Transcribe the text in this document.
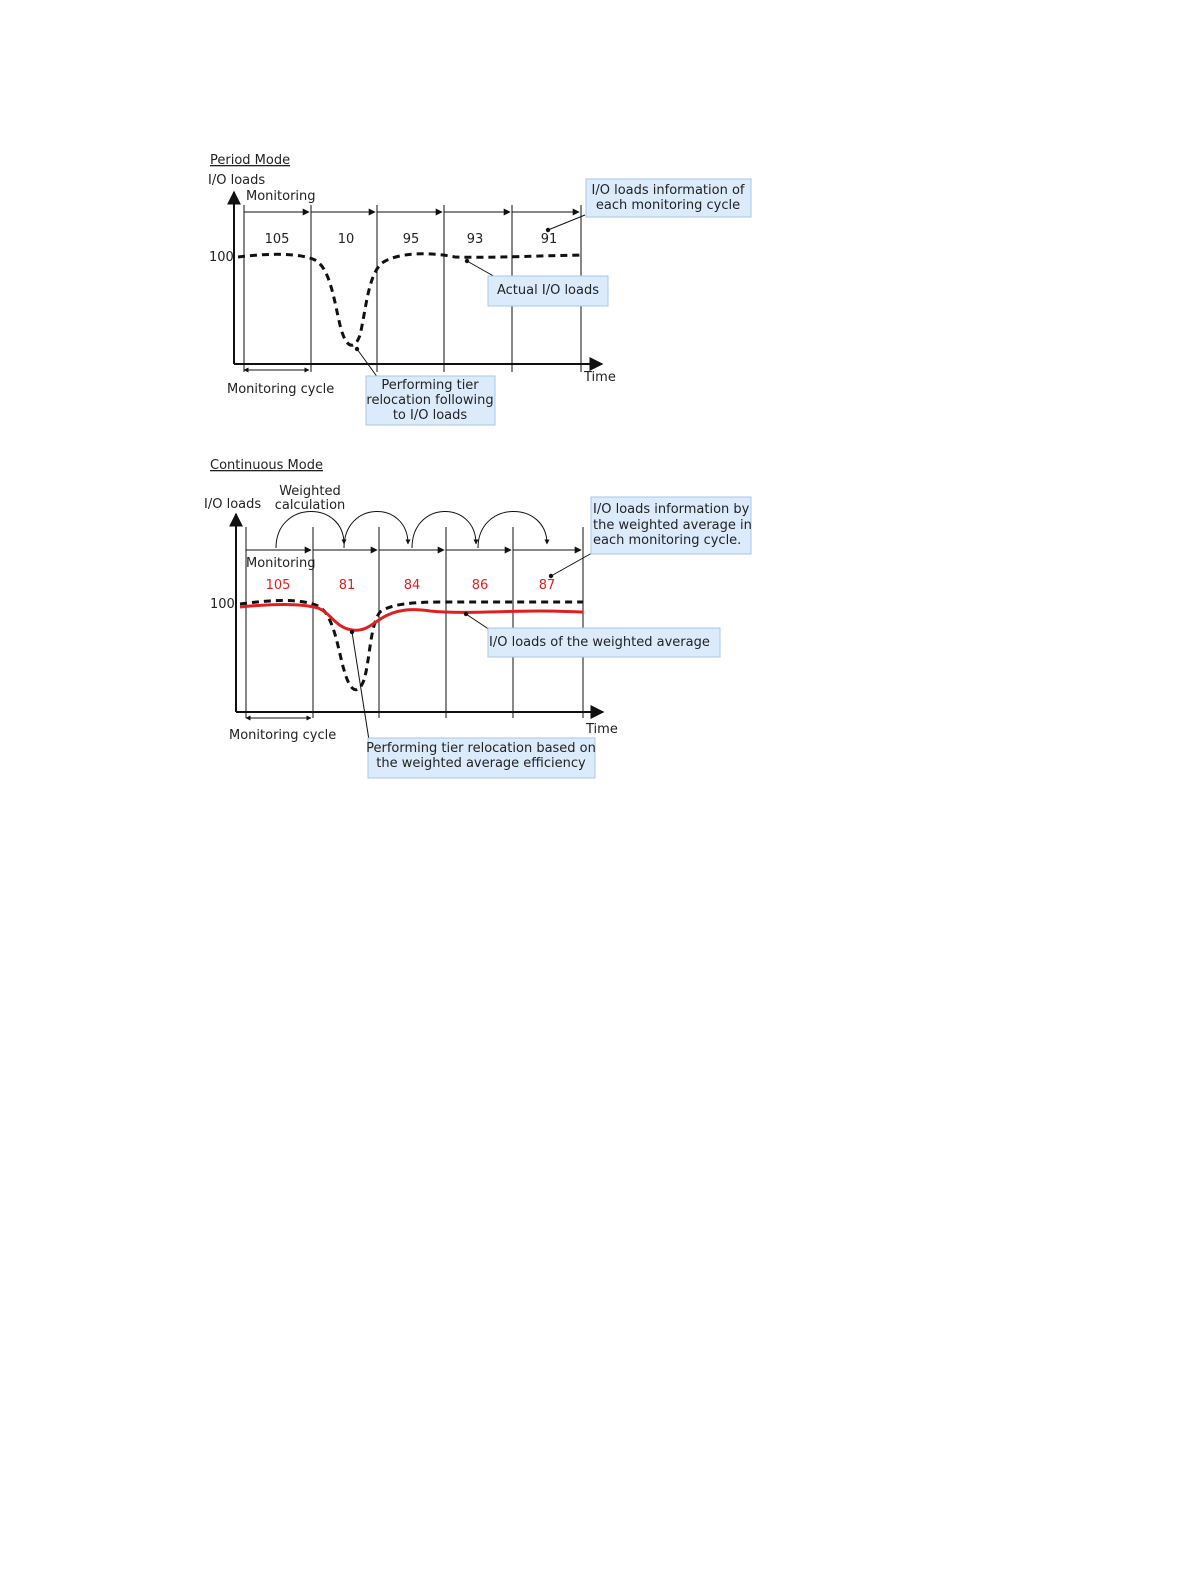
Period Mode
I/O loads
Monitoring
100
Time
105	10	95	93	91
Monitoring cycle
I/O loads information of
each monitoring cycle
Actual I/O loads
Performing tier
relocation following
to I/O loads
Continuous Mode
I/O loads
Weighted
calculation
Monitoring
100
Time
105	81	84	86	87
Monitoring cycle
I/O loads information by
the weighted average in
each monitoring cycle.
I/O loads of the weighted average
Performing tier relocation based on
the weighted average efficiency
